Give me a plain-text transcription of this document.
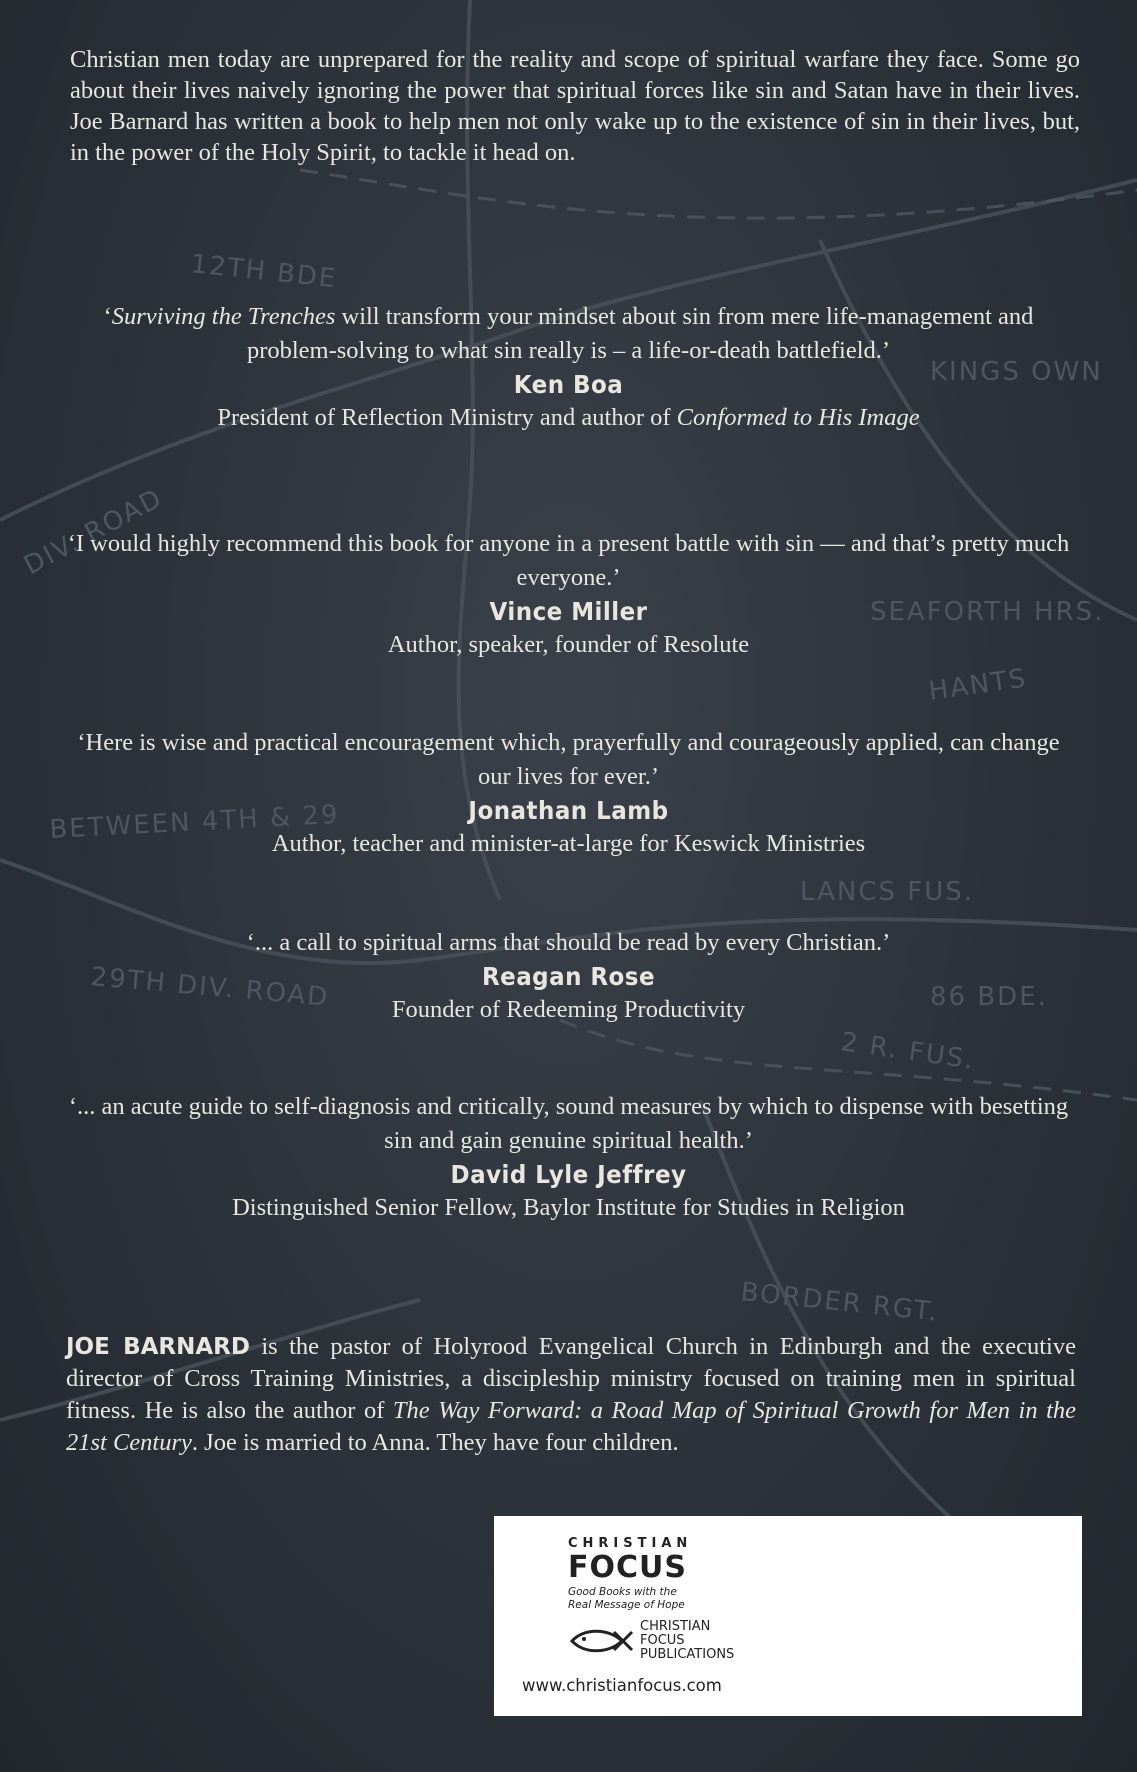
12TH BDE
DIV. ROAD
BETWEEN 4TH & 29
29TH DIV. ROAD	86 BDE.
2 R. FUS.
KINGS OWN
SEAFORTH HRS.
HANTS
BORDER RGT.
LANCS FUS.

Christian men today are unprepared for the reality and scope of spiritual warfare they face. Some go about their lives naively ignoring the power that spiritual forces like sin and Satan have in their lives. Joe Barnard has written a book to help men not only wake up to the existence of sin in their lives, but, in the power of the Holy Spirit, to tackle it head on.

‘Surviving the Trenches will transform your mindset about sin from mere life-management and problem-solving to what sin really is – a life-or-death battlefield.’

Ken Boa

President of Reflection Ministry and author of Conformed to His Image

‘I would highly recommend this book for anyone in a present battle with sin — and that’s pretty much everyone.’

Vince Miller

Author, speaker, founder of Resolute

‘Here is wise and practical encouragement which, prayerfully and courageously applied, can change our lives for ever.’

Jonathan Lamb

Author, teacher and minister-at-large for Keswick Ministries

‘... a call to spiritual arms that should be read by every Christian.’

Reagan Rose

Founder of Redeeming Productivity

‘... an acute guide to self-diagnosis and critically, sound measures by which to dispense with besetting sin and gain genuine spiritual health.’

David Lyle Jeffrey

Distinguished Senior Fellow, Baylor Institute for Studies in Religion

JOE BARNARD is the pastor of Holyrood Evangelical Church in Edinburgh and the executive director of Cross Training Ministries, a discipleship ministry focused on training men in spiritual fitness. He is also the author of The Way Forward: a Road Map of Spiritual Growth for Men in the 21st Century. Joe is married to Anna. They have four children.

CHRISTIAN

FOCUS

Good Books with the Real Message of Hope

CHRISTIAN FOCUS PUBLICATIONS

www.christianfocus.com
